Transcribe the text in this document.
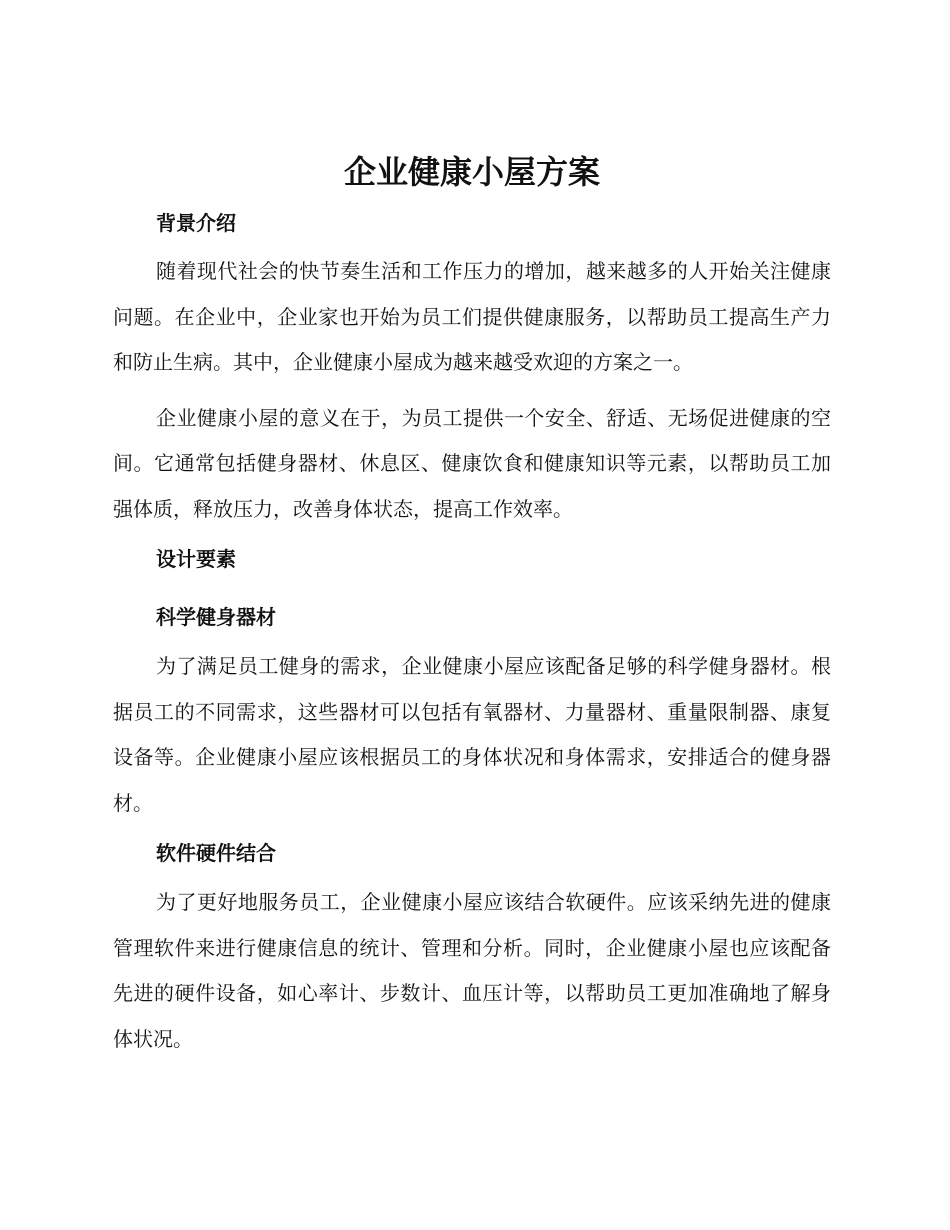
企业健康小屋方案
背景介绍

随着现代社会的快节奏生活和工作压力的增加，越来越多的人开始关注健康问题。在企业中，企业家也开始为员工们提供健康服务，以帮助员工提高生产力和防止生病。其中，企业健康小屋成为越来越受欢迎的方案之一。

企业健康小屋的意义在于，为员工提供一个安全、舒适、无场促进健康的空间。它通常包括健身器材、休息区、健康饮食和健康知识等元素，以帮助员工加强体质，释放压力，改善身体状态，提高工作效率。

设计要素
科学健身器材

为了满足员工健身的需求，企业健康小屋应该配备足够的科学健身器材。根据员工的不同需求，这些器材可以包括有氧器材、力量器材、重量限制器、康复设备等。企业健康小屋应该根据员工的身体状况和身体需求，安排适合的健身器材。

软件硬件结合

为了更好地服务员工，企业健康小屋应该结合软硬件。应该采纳先进的健康管理软件来进行健康信息的统计、管理和分析。同时，企业健康小屋也应该配备先进的硬件设备，如心率计、步数计、血压计等，以帮助员工更加准确地了解身体状况。
